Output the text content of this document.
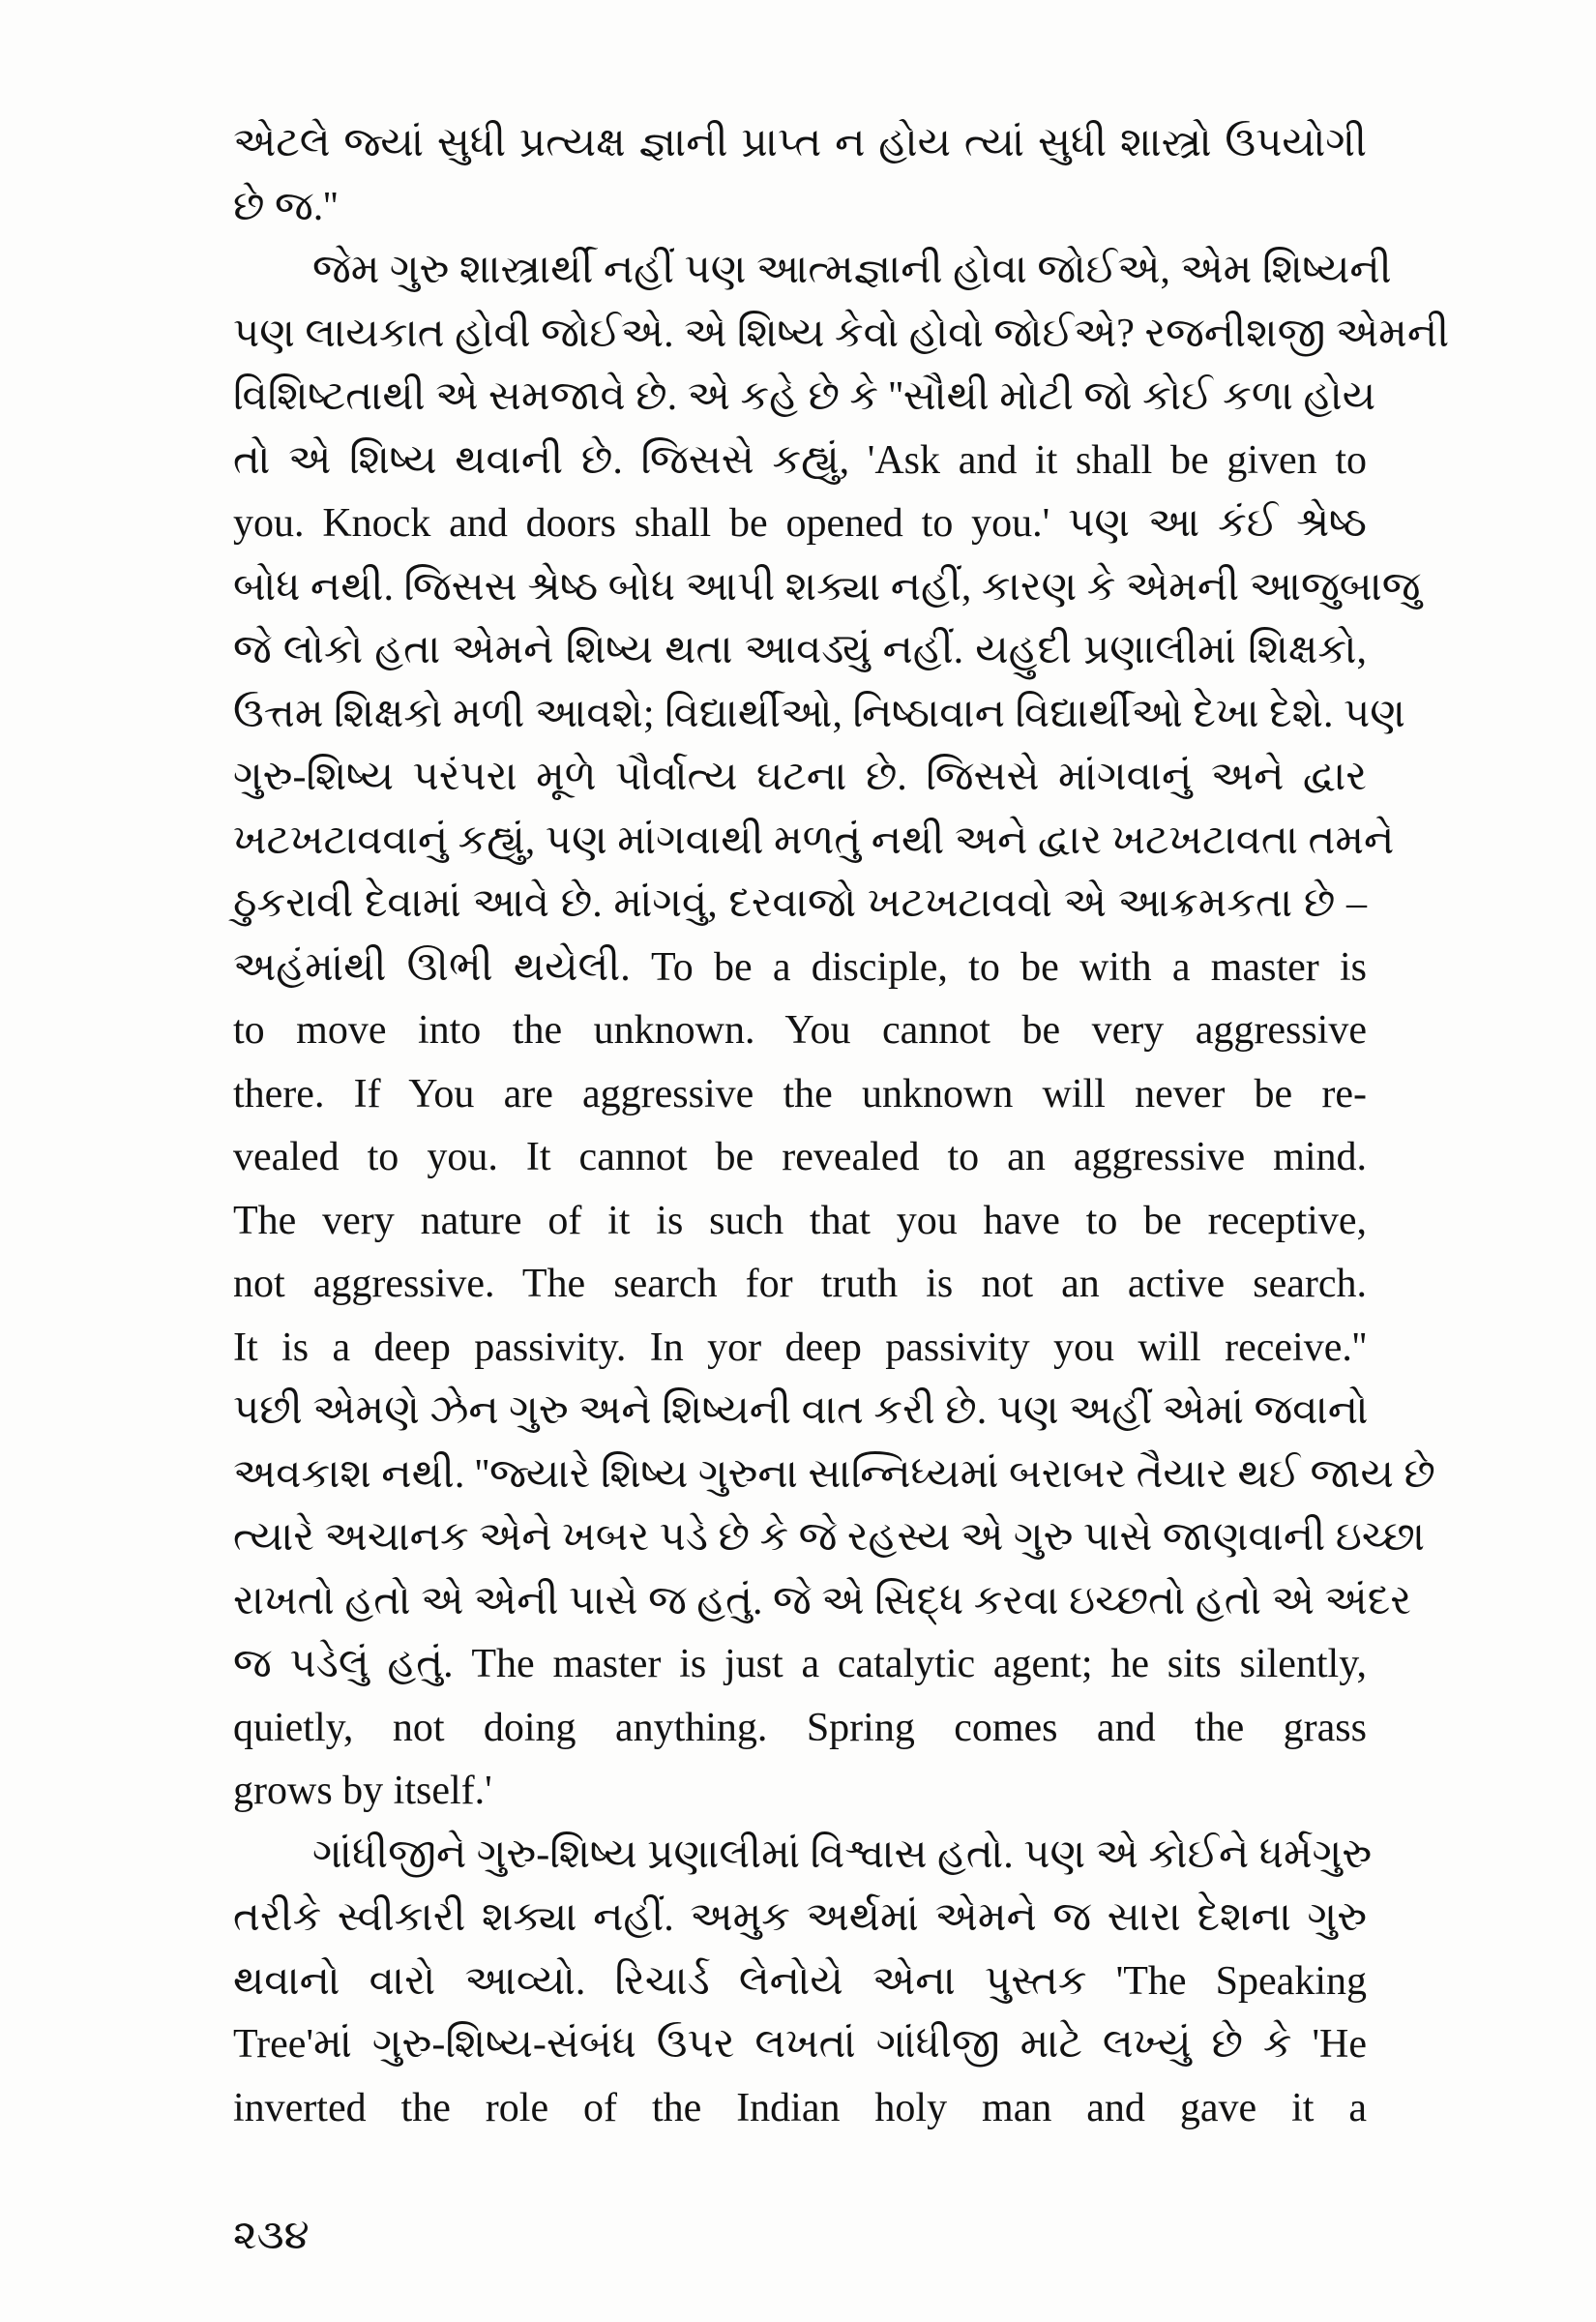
એટલે જ્યાં સુધી પ્રત્યક્ષ જ્ઞાની પ્રાપ્ત ન હોય ત્યાં સુધી શાસ્ત્રો ઉપયોગી
છે જ.''
જેમ ગુરુ શાસ્ત્રાર્થી નહીં પણ આત્મજ્ઞાની હોવા જોઈએ, એમ શિષ્યની
પણ લાયકાત હોવી જોઈએ. એ શિષ્ય કેવો હોવો જોઈએ? રજનીશજી એમની
વિશિષ્ટતાથી એ સમજાવે છે. એ કહે છે કે ''સૌથી મોટી જો કોઈ કળા હોય
તો એ શિષ્ય થવાની છે. જિસસે કહ્યું, 'Ask and it shall be given to
you. Knock and doors shall be opened to you.' પણ આ કંઈ શ્રેષ્ઠ
બોધ નથી. જિસસ શ્રેષ્ઠ બોધ આપી શક્યા નહીં, કારણ કે એમની આજુબાજુ
જે લોકો હતા એમને શિષ્ય થતા આવડ્યું નહીં. યહુદી પ્રણાલીમાં શિક્ષકો,
ઉત્તમ શિક્ષકો મળી આવશે; વિદ્યાર્થીઓ, નિષ્ઠાવાન વિદ્યાર્થીઓ દેખા દેશે. પણ
ગુરુ-શિષ્ય પરંપરા મૂળે પૌર્વાત્ય ઘટના છે. જિસસે માંગવાનું અને દ્વાર
ખટખટાવવાનું કહ્યું, પણ માંગવાથી મળતું નથી અને દ્વાર ખટખટાવતા તમને
ઠુકરાવી દેવામાં આવે છે. માંગવું, દરવાજો ખટખટાવવો એ આક્રમકતા છે –
અહંમાંથી ઊભી થયેલી. To be a disciple, to be with a master is
to move into the unknown. You cannot be very aggressive
there. If You are aggressive the unknown will never be re-
vealed to you. It cannot be revealed to an aggressive mind.
The very nature of it is such that you have to be receptive,
not aggressive. The search for truth is not an active search.
It is a deep passivity. In yor deep passivity you will receive.''
પછી એમણે ઝેન ગુરુ અને શિષ્યની વાત કરી છે. પણ અહીં એમાં જવાનો
અવકાશ નથી. ''જ્યારે શિષ્ય ગુરુના સાન્નિધ્યમાં બરાબર તૈયાર થઈ જાય છે
ત્યારે અચાનક એને ખબર પડે છે કે જે રહસ્ય એ ગુરુ પાસે જાણવાની ઇચ્છા
રાખતો હતો એ એની પાસે જ હતું. જે એ સિદ્ધ કરવા ઇચ્છતો હતો એ અંદર
જ પડેલું હતું. The master is just a catalytic agent; he sits silently,
quietly, not doing anything. Spring comes and the grass
grows by itself.'
ગાંધીજીને ગુરુ-શિષ્ય પ્રણાલીમાં વિશ્વાસ હતો. પણ એ કોઈને ધર્મગુરુ
તરીકે સ્વીકારી શક્યા નહીં. અમુક અર્થમાં એમને જ સારા દેશના ગુરુ
થવાનો વારો આવ્યો. રિચાર્ડ લેનોયે એના પુસ્તક 'The Speaking
Tree'માં ગુરુ-શિષ્ય-સંબંધ ઉપર લખતાં ગાંધીજી માટે લખ્યું છે કે 'He
inverted the role of the Indian holy man and gave it a
૨૩૪
